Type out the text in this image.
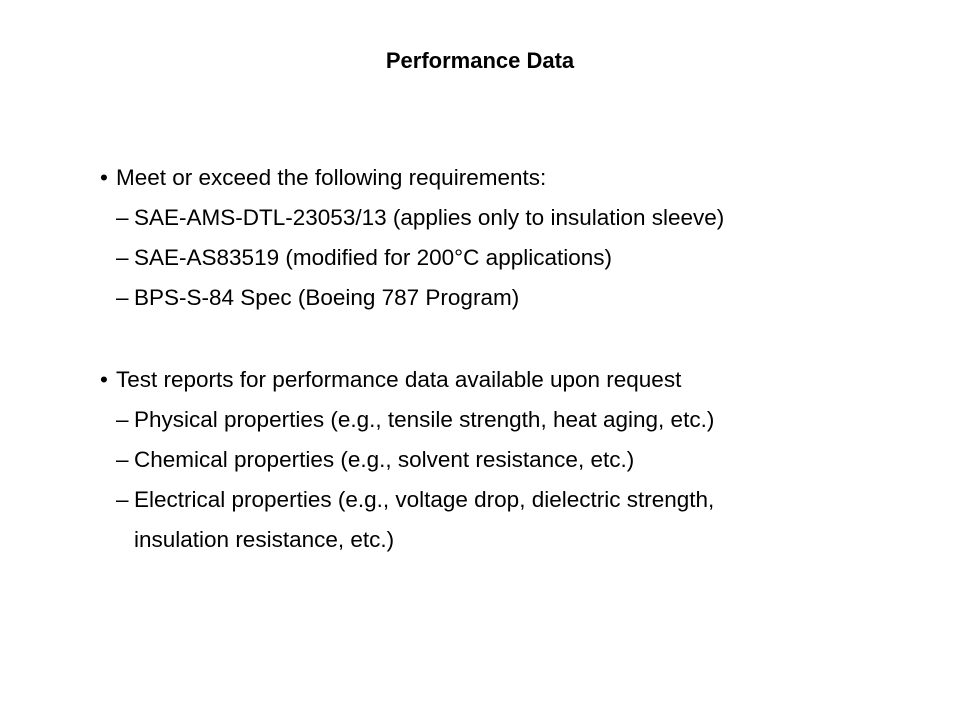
Performance Data
• Meet or exceed the following requirements:
– SAE-AMS-DTL-23053/13 (applies only to insulation sleeve)
– SAE-AS83519 (modified for 200°C applications)
– BPS-S-84 Spec (Boeing 787 Program)
• Test reports for performance data available upon request
– Physical properties (e.g., tensile strength, heat aging, etc.)
– Chemical properties (e.g., solvent resistance, etc.)
– Electrical properties (e.g., voltage drop, dielectric strength,
insulation resistance, etc.)
